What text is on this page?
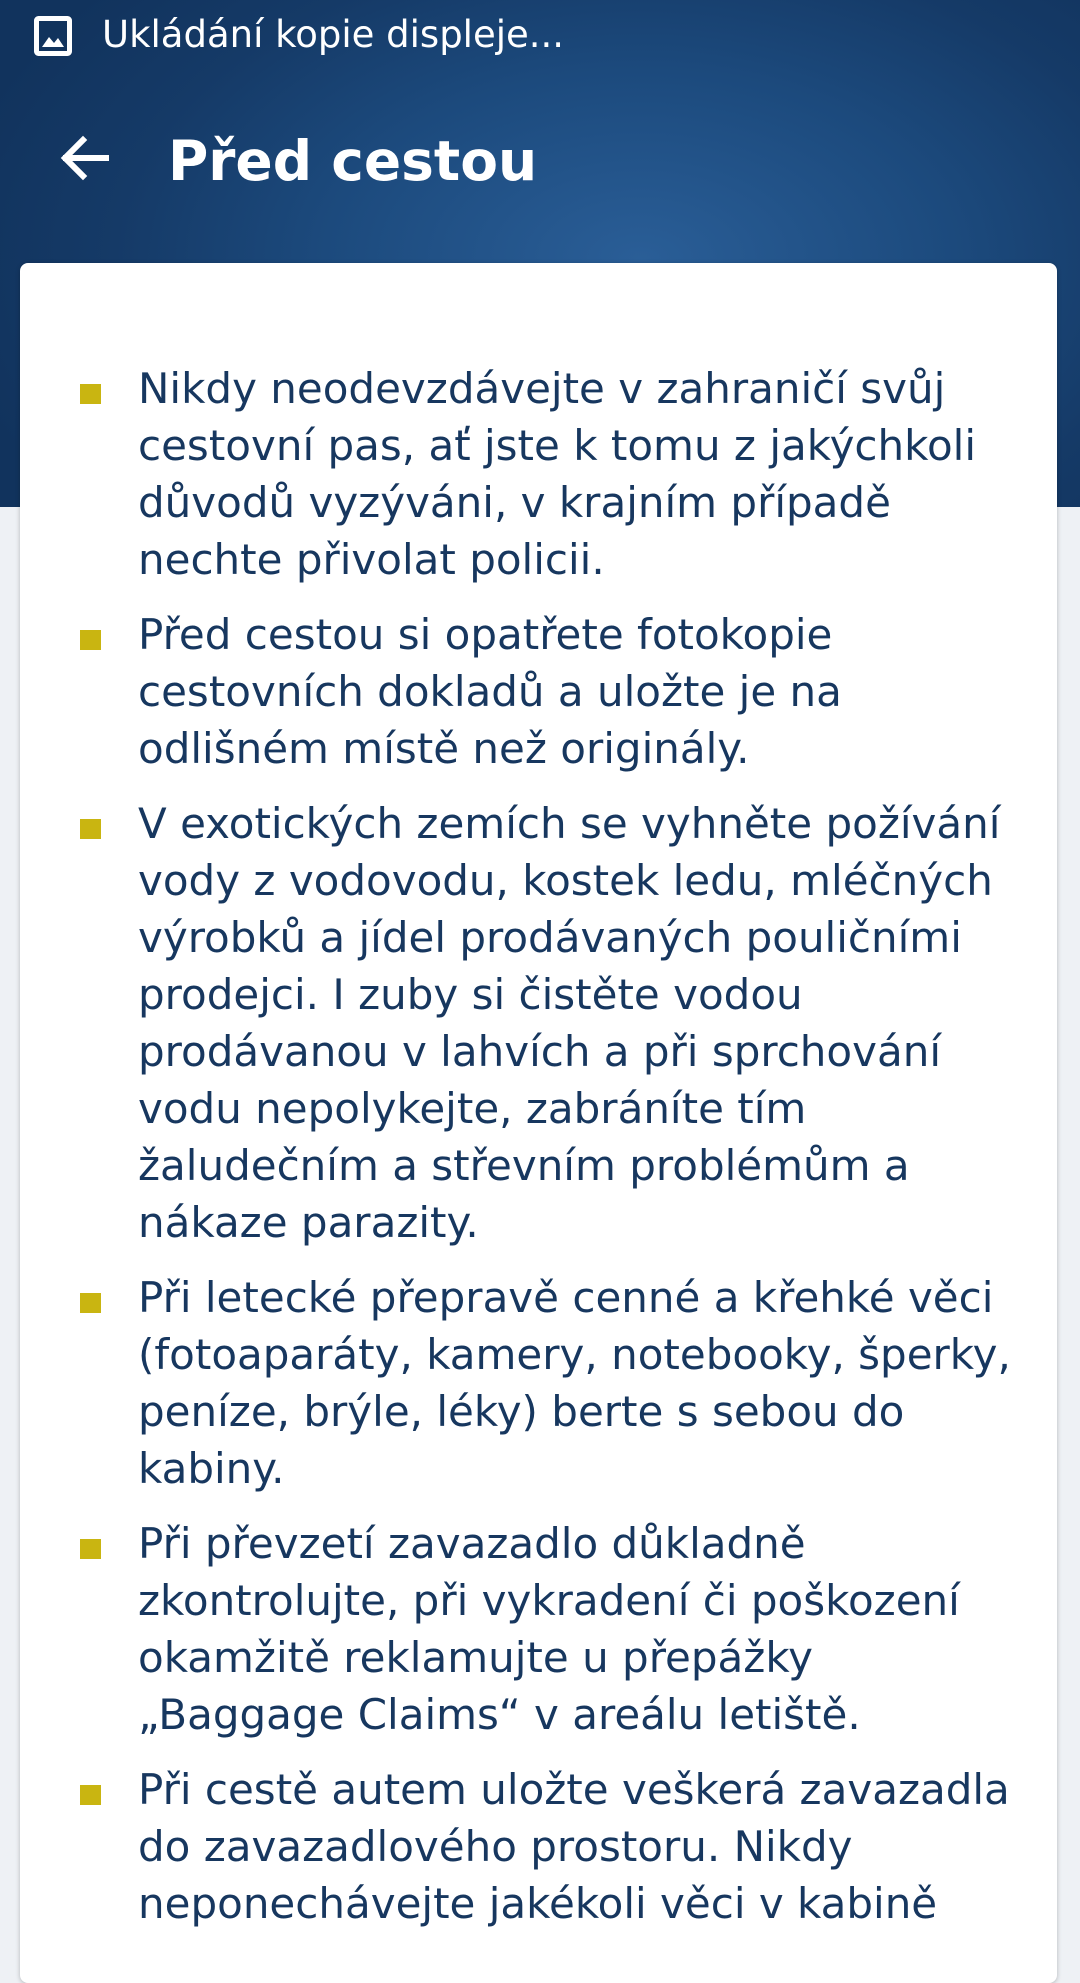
Ukládání kopie displeje...
Před cestou
Nikdy neodevzdávejte v zahraničí svůj cestovní pas, ať jste k tomu z jakýchkoli důvodů vyzýváni, v krajním případě nechte přivolat policii.
Před cestou si opatřete fotokopie cestovních dokladů a uložte je na odlišném místě než originály.
V exotických zemích se vyhněte požívání vody z vodovodu, kostek ledu, mléčných výrobků a jídel prodávaných pouličními prodejci. I zuby si čistěte vodou prodávanou v lahvích a při sprchování vodu nepolykejte, zabráníte tím žaludečním a střevním problémům a nákaze parazity.
Při letecké přepravě cenné a křehké věci (fotoaparáty, kamery, notebooky, šperky, peníze, brýle, léky) berte s sebou do kabiny.
Při převzetí zavazadlo důkladně zkontrolujte, při vykradení či poškození okamžitě reklamujte u přepážky „Baggage Claims“ v areálu letiště.
Při cestě autem uložte veškerá zavazadla do zavazadlového prostoru. Nikdy neponechávejte jakékoli věci v kabině
